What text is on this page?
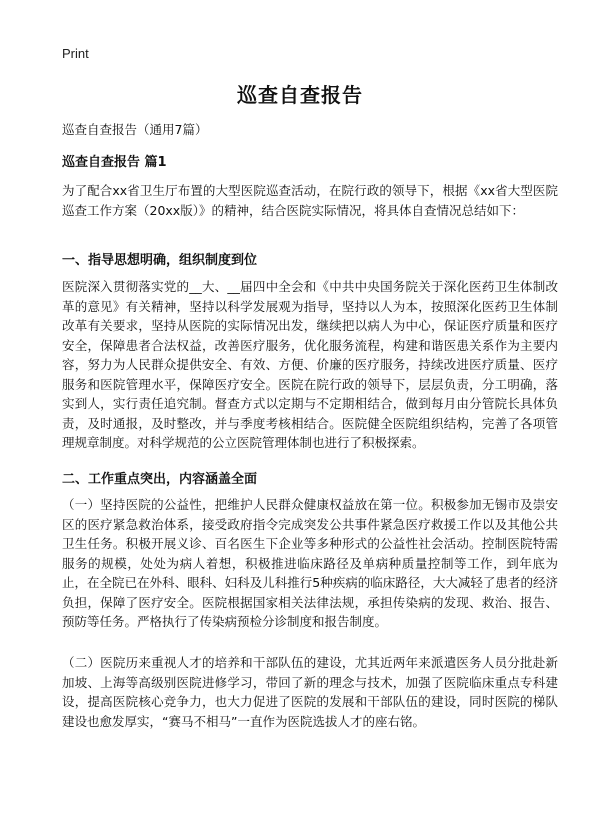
Print
巡查自查报告
巡查自查报告（通用7篇）
巡查自查报告 篇1

为了配合xx省卫生厅布置的大型医院巡查活动，在院行政的领导下，根据《xx省大型医院巡查工作方案（20xx版）》的精神，结合医院实际情况，将具体自查情况总结如下：

一、指导思想明确，组织制度到位

医院深入贯彻落实党的__大、__届四中全会和《中共中央国务院关于深化医药卫生体制改革的意见》有关精神，坚持以科学发展观为指导，坚持以人为本，按照深化医药卫生体制改革有关要求，坚持从医院的实际情况出发，继续把以病人为中心，保证医疗质量和医疗安全，保障患者合法权益，改善医疗服务，优化服务流程，构建和谐医患关系作为主要内容，努力为人民群众提供安全、有效、方便、价廉的医疗服务，持续改进医疗质量、医疗服务和医院管理水平，保障医疗安全。医院在院行政的领导下，层层负责，分工明确，落实到人，实行责任追究制。督查方式以定期与不定期相结合，做到每月由分管院长具体负责，及时通报，及时整改，并与季度考核相结合。医院健全医院组织结构，完善了各项管理规章制度。对科学规范的公立医院管理体制也进行了积极探索。

二、工作重点突出，内容涵盖全面

（一）坚持医院的公益性，把维护人民群众健康权益放在第一位。积极参加无锡市及崇安区的医疗紧急救治体系，接受政府指令完成突发公共事件紧急医疗救援工作以及其他公共卫生任务。积极开展义诊、百名医生下企业等多种形式的公益性社会活动。控制医院特需服务的规模，处处为病人着想，积极推进临床路径及单病种质量控制等工作，到年底为止，在全院已在外科、眼科、妇科及儿科推行5种疾病的临床路径，大大减轻了患者的经济负担，保障了医疗安全。医院根据国家相关法律法规，承担传染病的发现、救治、报告、预防等任务。严格执行了传染病预检分诊制度和报告制度。

（二）医院历来重视人才的培养和干部队伍的建设，尤其近两年来派遣医务人员分批赴新加坡、上海等高级别医院进修学习，带回了新的理念与技术，加强了医院临床重点专科建设，提高医院核心竞争力，也大力促进了医院的发展和干部队伍的建设，同时医院的梯队建设也愈发厚实，“赛马不相马”一直作为医院选拔人才的座右铭。
